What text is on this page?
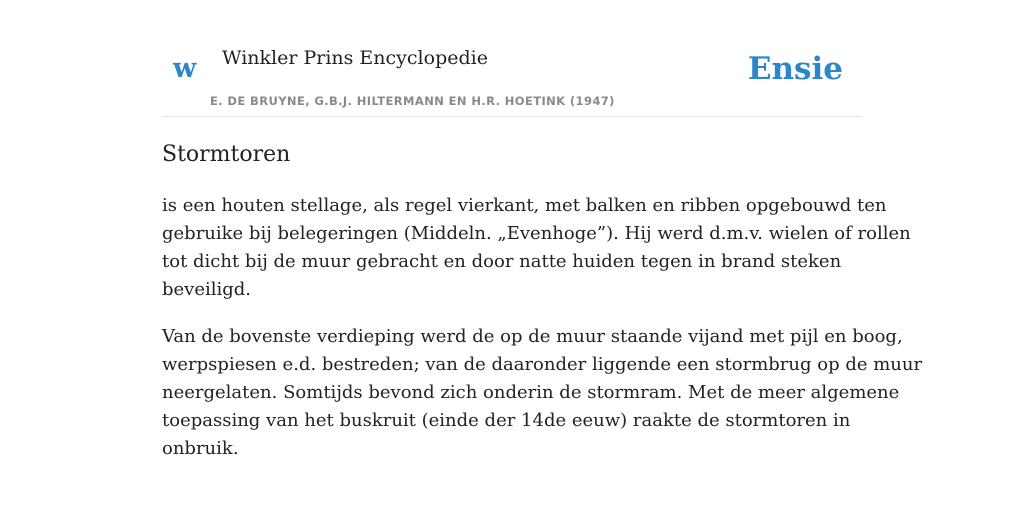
w Winkler Prins Encyclopedie
E. DE BRUYNE, G.B.J. HILTERMANN EN H.R. HOETINK (1947)
Ensie
Stormtoren

is een houten stellage, als regel vierkant, met balken en ribben opgebouwd ten
gebruike bij belegeringen (Middeln. „Evenhoge”). Hij werd d.m.v. wielen of rollen
tot dicht bij de muur gebracht en door natte huiden tegen in brand steken
beveiligd.

Van de bovenste verdieping werd de op de muur staande vijand met pijl en boog,
werpspiesen e.d. bestreden; van de daaronder liggende een stormbrug op de muur
neergelaten. Somtijds bevond zich onderin de stormram. Met de meer algemene
toepassing van het buskruit (einde der 14de eeuw) raakte de stormtoren in
onbruik.
